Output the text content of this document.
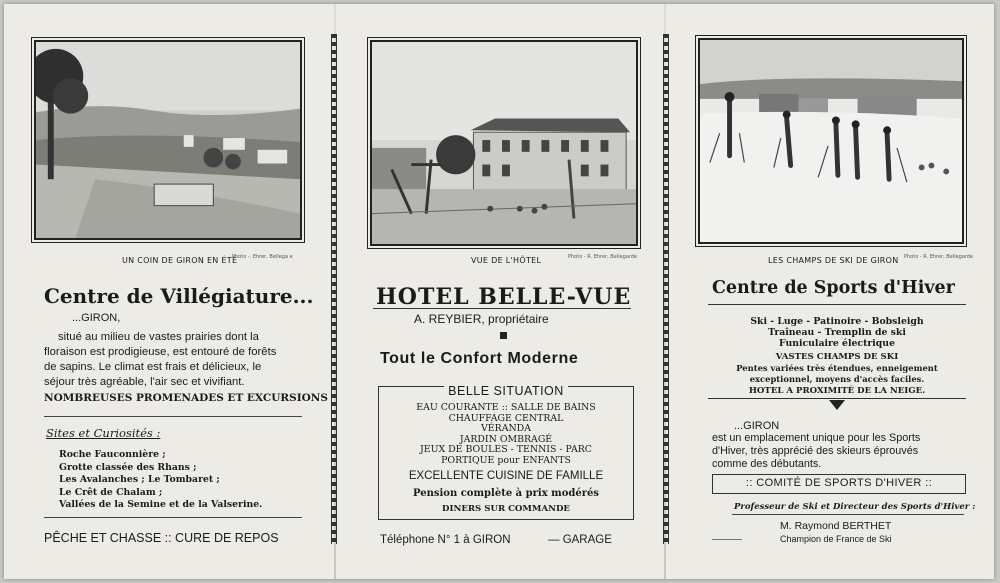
UN COIN DE GIRON EN ÉTÉ
Photo -. Ehrer, Bellega e
Centre de Villégiature...
...GIRON,
situé au milieu de vastes prairies dont la
floraison est prodigieuse, est entouré de forêts
de sapins. Le climat est frais et délicieux, le
séjour très agréable, l'air sec et vivifiant.
NOMBREUSES PROMENADES ET EXCURSIONS
Sites et Curiosités :
Roche Fauconnière ;
Grotte classée des Rhans ;
Les Avalanches ; Le Tombaret ;
Le Crêt de Chalam ;
Vallées de la Semine et de la Valserine.
PÊCHE ET CHASSE :: CURE DE REPOS
VUE DE L'HÔTEL	Photo - R. Ehrer, Bellegarde
HOTEL BELLE-VUE
A. REYBIER, propriétaire
Tout le Confort Moderne
BELLE SITUATION
EAU COURANTE :: SALLE DE BAINS
CHAUFFAGE CENTRAL
VÉRANDA
JARDIN OMBRAGÉ
JEUX DE BOULES - TENNIS - PARC
PORTIQUE pour ENFANTS
EXCELLENTE CUISINE DE FAMILLE
Pension complète à prix modérés
DINERS SUR COMMANDE
Téléphone N° 1 à GIRON	— GARAGE
LES CHAMPS DE SKI DE GIRON Photo - R. Ehrer, Bellegarde
Centre de Sports d'Hiver
Ski - Luge - Patinoire - Bobsleigh
Traîneau - Tremplin de ski
Funiculaire électrique
VASTES CHAMPS DE SKI
Pentes variées très étendues, enneigement
exceptionnel, moyens d'accès faciles.
HOTEL A PROXIMITÉ DE LA NEIGE.
...GIRON
est un emplacement unique pour les Sports
d'Hiver, très apprécié des skieurs éprouvés
comme des débutants.
:: COMITÉ DE SPORTS D'HIVER ::
Professeur de Ski et Directeur des Sports d'Hiver :
M. Raymond BERTHET
Champion de France de Ski
